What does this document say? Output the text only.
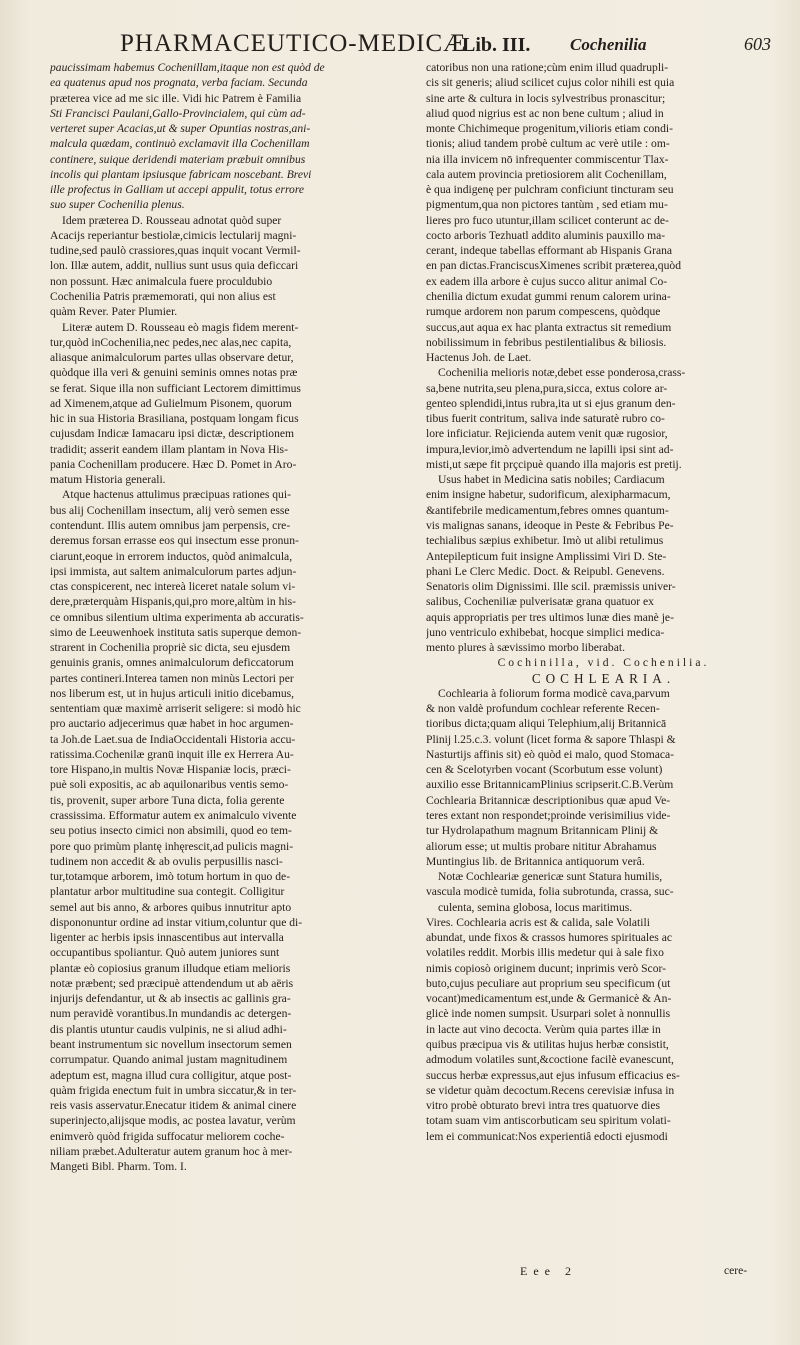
PHARMACEUTICO-MEDICÆ
Lib. III. Cochenilia	603
paucissimam habemus Cochenillam,itaque non est quòd de
ea quatenus apud nos prognata, verba faciam. Secunda
præterea vice ad me sic ille. Vidi hic Patrem è Familia
Sti Francisci Paulani,Gallo-Provincialem, qui cùm ad-
verteret super Acacias,ut & super Opuntias nostras,ani-
malcula quædam, continuò exclamavit illa Cochenillam
continere, suique deridendi materiam præbuit omnibus
incolis qui plantam ipsiusque fabricam noscebant. Brevi
ille profectus in Galliam ut accepi appulit, totus errore
suo super Cochenilia plenus.
Idem præterea D. Rousseau adnotat quòd super
Acacijs reperiantur bestiolæ,cimicis lectularij magni-
tudine,sed paulò crassiores,quas inquit vocant Vermil-
lon. Illæ autem, addit, nullius sunt usus quia deficcari
non possunt. Hæc animalcula fuere proculdubio
Cochenilia Patris præmemorati, qui non alius est
quàm Rever. Pater Plumier.
Literæ autem D. Rousseau eò magis fidem merent-
tur,quòd inCochenilia,nec pedes,nec alas,nec capita,
aliasque animalculorum partes ullas observare detur,
quòdque illa veri & genuini seminis omnes notas præ
se ferat. Sique illa non sufficiant Lectorem dimittimus
ad Ximenem,atque ad Gulielmum Pisonem, quorum
hic in sua Historia Brasiliana, postquam longam ficus
cujusdam Indicæ Iamacaru ipsi dictæ, descriptionem
tradidit; asserit eandem illam plantam in Nova His-
pania Cochenillam producere. Hæc D. Pomet in Aro-
matum Historia generali.
Atque hactenus attulimus præcipuas rationes qui-
bus alij Cochenillam insectum, alij verò semen esse
contendunt. Illis autem omnibus jam perpensis, cre-
deremus forsan errasse eos qui insectum esse pronun-
ciarunt,eoque in errorem inductos, quòd animalcula,
ipsi immista, aut saltem animalculorum partes adjun-
ctas conspicerent, nec intereà liceret natale solum vi-
dere,præterquàm Hispanis,qui,pro more,altùm in his-
ce omnibus silentium ultima experimenta ab accuratis-
simo de Leeuwenhoek instituta satis superque demon-
strarent in Cochenilia propriè sic dicta, seu ejusdem
genuinis granis, omnes animalculorum deficcatorum
partes contineri.Interea tamen non minùs Lectori per
nos liberum est, ut in hujus articuli initio dicebamus,
sententiam quæ maximè arriserit seligere: si modò hic
pro auctario adjecerimus quæ habet in hoc argumen-
ta Joh.de Laet.sua de IndiaOccidentali Historia accu-
ratissima.Cochenilæ granū inquit ille ex Herrera Au-
tore Hispano,in multis Novæ Hispaniæ locis, præci-
puè soli expositis, ac ab aquilonaribus ventis semo-
tis, provenit, super arbore Tuna dicta, folia gerente
crassissima. Efformatur autem ex animalculo vivente
seu potius insecto cimici non absimili, quod eo tem-
pore quo primùm plantę inhęrescit,ad pulicis magni-
tudinem non accedit & ab ovulis perpusillis nasci-
tur,totamque arborem, imò totum hortum in quo de-
plantatur arbor multitudine sua contegit. Colligitur
semel aut bis anno, & arbores quibus innutritur apto
dispononuntur ordine ad instar vitium,coluntur que di-
ligenter ac herbis ipsis innascentibus aut intervalla
occupantibus spoliantur. Quò autem juniores sunt
plantæ eò copiosius granum illudque etiam melioris
notæ præbent; sed præcipuè attendendum ut ab aëris
injurijs defendantur, ut & ab insectis ac gallinis gra-
num peravidè vorantibus.In mundandis ac detergen-
dis plantis utuntur caudis vulpinis, ne si aliud adhi-
beant instrumentum sic novellum insectorum semen
corrumpatur. Quando animal justam magnitudinem
adeptum est, magna illud cura colligitur, atque post-
quàm frigida enectum fuit in umbra siccatur,& in ter-
reis vasis asservatur.Enecatur itidem & animal cinere
superinjecto,alijsque modis, ac postea lavatur, verùm
enimverò quòd frigida suffocatur meliorem coche-
niliam præbet.Adulteratur autem granum hoc à mer-
Mangeti Bibl. Pharm. Tom. I.
catoribus non una ratione;cùm enim illud quadrupli-
cis sit generis; aliud scilicet cujus color nihili est quia
sine arte & cultura in locis sylvestribus pronascitur;
aliud quod nigrius est ac non bene cultum ; aliud in
monte Chichimeque progenitum,vilioris etiam condi-
tionis; aliud tandem probè cultum ac verè utile : om-
nia illa invicem nō infrequenter commiscentur Tlax-
cala autem provincia pretiosiorem alit Cochenillam,
è qua indigenę per pulchram conficiunt tincturam seu
pigmentum,qua non pictores tantùm , sed etiam mu-
lieres pro fuco utuntur,illam scilicet conterunt ac de-
cocto arboris Tezhuatl addito aluminis pauxillo ma-
cerant, indeque tabellas efformant ab Hispanis Grana
en pan dictas.FranciscusXimenes scribit præterea,quòd
ex eadem illa arbore è cujus succo alitur animal Co-
chenilia dictum exudat gummi renum calorem urina-
rumque ardorem non parum compescens, quòdque
succus,aut aqua ex hac planta extractus sit remedium
nobilissimum in febribus pestilentialibus & biliosis.
Hactenus Joh. de Laet.
Cochenilia melioris notæ,debet esse ponderosa,crass-
sa,bene nutrita,seu plena,pura,sicca, extus colore ar-
genteo splendidi,intus rubra,ita ut si ejus granum den-
tibus fuerit contritum, saliva inde saturatè rubro co-
lore inficiatur. Rejicienda autem venit quæ rugosior,
impura,levior,imò advertendum ne lapilli ipsi sint ad-
misti,ut sæpe fit prçcipuè quando illa majoris est pretij.
Usus habet in Medicina satis nobiles; Cardiacum
enim insigne habetur, sudorificum, alexipharmacum,
&antifebrile medicamentum,febres omnes quantum-
vis malignas sanans, ideoque in Peste & Febribus Pe-
techialibus sæpius exhibetur. Imò ut alibi retulimus
Antepilepticum fuit insigne Amplissimi Viri D. Ste-
phani Le Clerc Medic. Doct. & Reipubl. Genevens.
Senatoris olim Dignissimi. Ille scil. præmissis univer-
salibus, Cocheniliæ pulverisatæ grana quatuor ex
aquis appropriatis per tres ultimos lunæ dies manè je-
juno ventriculo exhibebat, hocque simplici medica-
mento plures à sævissimo morbo liberabat.
Cochinilla, vid. Cochenilia.
COCHLEARIA.
Cochlearia à foliorum forma modicè cava,parvum
& non valdè profundum cochlear referente Recen-
tioribus dicta;quam aliqui Telephium,alij Britannicā
Plinij l.25.c.3. volunt (licet forma & sapore Thlaspi &
Nasturtijs affinis sit) eò quòd ei malo, quod Stomaca-
cen & Scelotyrben vocant (Scorbutum esse volunt)
auxilio esse BritannicamPlinius scripserit.C.B.Verùm
Cochlearia Britannicæ descriptionibus quæ apud Ve-
teres extant non respondet;proinde verisimilius vide-
tur Hydrolapathum magnum Britannicam Plinij &
aliorum esse; ut multis probare nititur Abrahamus
Muntingius lib. de Britannica antiquorum verâ.
Notæ Cochleariæ genericæ sunt Statura humilis,
vascula modicè tumida, folia subrotunda, crassa, suc-
culenta, semina globosa, locus maritimus.
Vires. Cochlearia acris est & calida, sale Volatili
abundat, unde fixos & crassos humores spirituales ac
volatiles reddit. Morbis illis medetur qui à sale fixo
nimis copiosò originem ducunt; inprimis verò Scor-
buto,cujus peculiare aut proprium seu specificum (ut
vocant)medicamentum est,unde & Germanicè & An-
glicè inde nomen sumpsit. Usurpari solet à nonnullis
in lacte aut vino decocta. Verùm quia partes illæ in
quibus præcipua vis & utilitas hujus herbæ consistit,
admodum volatiles sunt,&coctione facilè evanescunt,
succus herbæ expressus,aut ejus infusum efficacius es-
se videtur quàm decoctum.Recens cerevisiæ infusa in
vitro probè obturato brevi intra tres quatuorve dies
totam suam vim antiscorbuticam seu spiritum volati-
lem ei communicat:Nos experientiâ edocti ejusmodi
Eee 2	cere-
